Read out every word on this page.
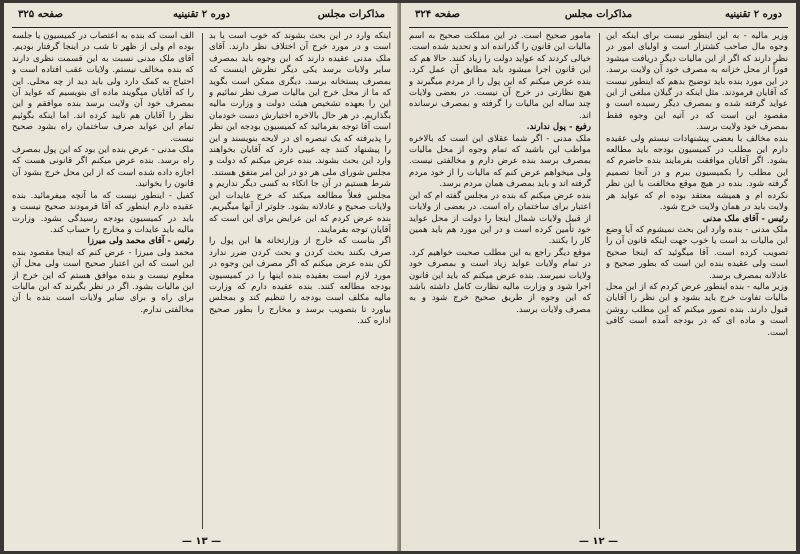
صفحه ۳۲۵	دوره ۲ تقنینیه	مذاکرات مجلس

اینکه وارد در این بحث بشوند که خوب است یا بد است و در مورد خرج آن اختلاف نظر دارند. آقای ملک مدنی عقیده دارند که این وجوه باید بمصرف سایر ولایات برسد یکی دیگر نظرش اینست که بمصرف پستخانه برسد. دیگری ممکن است بگوید که ما از محل خرج این مالیات صرف نظر نمائیم و این را بعهده تشخیص هیئت دولت و وزارت مالیه بگذاریم. در هر حال بالاخره اختیارش دست خودمان است آقا توجه بفرمائید که کمیسیون بودجه این نظر را پذیرفته که یک تبصره ای در لایحه بنویسند و این را پیشنهاد کنند چه عیبی دارد که آقایان بخواهند وارد این بحث بشوند. بنده عرض میکنم که دولت و مجلس شورای ملی هر دو در این امر متفق هستند.

شرط هستیم در آن جا اتکاء به کسی دیگر نداریم و مجلس فعلاً مطالعه میکند که خرج عایدات این ولایات صحیح و عادلانه بشود. جلوتر از آنها میگیریم. بنده عرض کردم که این عرایض برای این است که آقایان توجه بفرمایند.

اگر بناست که خارج از وزارتخانه ها این پول را صرف بکنند بحث کردن و بحث کردن ضرر ندارد لکن بنده عرض میکنم که اگر مصرف این وجوه در مورد لازم است بعقیده بنده اینها را در کمیسیون بودجه مطالعه کنند. بنده عقیده دارم که وزارت مالیه مکلف است بودجه را تنظیم کند و بمجلس بیاورد تا بتصویب برسد و مخارج را بطور صحیح اداره کند.

الف است که بنده به اعتصاب در کمیسیون یا جلسه بوده ام ولی از ظهر تا شب در اینجا گرفتار بودیم. آقای ملک مدنی نسبت به این قسمت نظری دارند که بنده مخالف نیستم. ولایات عقب افتاده است و احتیاج به کمک دارد ولی باید دید از چه محلی. این را که آقایان میگویند ماده ای بنویسیم که عواید آن بمصرف خود آن ولایت برسد بنده موافقم و این نظر را آقایان هم تایید کرده اند. اما اینکه بگوئیم تمام این عواید صرف ساختمان راه بشود صحیح نیست.

ملک مدنی - عرض بنده این بود که این پول بمصرف راه برسد. بنده عرض میکنم اگر قانونی هست که اجازه داده شده است که از این محل خرج بشود آن قانون را بخوانید.

کفیل - اینطور نیست که ما آنچه میفرمائید. بنده عقیده دارم اینطور که آقا فرمودند صحیح نیست و باید در کمیسیون بودجه رسیدگی بشود. وزارت مالیه باید عایدات و مخارج را حساب کند.

رئیس - آقای محمد ولی میرزا

محمد ولی میرزا - عرض کنم که اینجا مقصود بنده این است که این اعتبار صحیح است ولی محل آن معلوم نیست و بنده موافق هستم که این خرج از این مالیات بشود. اگر در نظر بگیرند که این مالیات برای راه و برای سایر ولایات است بنده با آن مخالفتی ندارم.

— ۱۳ —
صفحه ۳۲۴	مذاکرات مجلس	دوره ۲ تقنینیه

وزیر مالیه - به این اینطور نیست برای اینکه این وجوه مال صاحب کشتزار است و اولیای امور در نظر دارند که اگر از این مالیات دیگر دریافت میشود فوراً از محل خزانه به مصرف خود آن ولایت برسد. در این مورد بنده باید توضیح بدهم که اینطور نیست که آقایان فرمودند. مثل اینکه در گیلان مبلغی از این عواید گرفته شده و بمصرف دیگر رسیده است و مقصود این است که در آتیه این وجوه فقط بمصرف خود ولایت برسد.

بنده مخالف با بعضی پیشنهادات نیستم ولی عقیده دارم این مطلب در کمیسیون بودجه باید مطالعه بشود. اگر آقایان موافقت بفرمایند بنده حاضرم که این مطلب را بکمیسیون ببرم و در آنجا تصمیم گرفته شود. بنده در هیچ موقع مخالفت با این نظر نکرده ام و همیشه معتقد بوده ام که عواید هر ولایت باید در همان ولایت خرج شود.

رئیس - آقای ملک مدنی

ملک مدنی - بنده وارد این بحث نمیشوم که آیا وضع این مالیات بد است یا خوب جهت اینکه قانون آن را تصویب کرده است. آقا میگوئید که اینجا صحیح است ولی عقیده بنده این است که بطور صحیح و عادلانه بمصرف برسد.

وزیر مالیه - بنده اینطور عرض کردم که از این محل مالیات تفاوت خرج باید بشود و این نظر را آقایان قبول دارند. بنده تصور میکنم که این مطلب روشن است و ماده ای که در بودجه آمده است کافی است.

مأمور صحیح است. در این مملکت صحیح به اسم مالیات این قانون را گذرانده اند و تحدید شده است. خیالی کردند که عواید دولت را زیاد کنند. حالا هم که این قانون اجرا میشود باید مطابق آن عمل کرد. بنده عرض میکنم که این پول را از مردم میگیرند و هیچ نظارتی در خرج آن نیست. در بعضی ولایات چند ساله این مالیات را گرفته و بمصرف نرسانده اند.

رفیع - پول ندارند.

ملک مدنی - اگر شما عقلای این است که بالاخره مواظب این باشید که تمام وجوه از محل مالیات بمصرف برسد بنده عرض دارم و مخالفتی نیست. ولی میخواهم عرض کنم که مالیات را از خود مردم گرفته اند و باید بمصرف همان مردم برسد.

بنده عرض میکنم که بنده در مجلس گفته ام که این اعتبار برای ساختمان راه است. در بعضی از ولایات از قبیل ولایات شمال اینجا را دولت از محل عواید خود تأمین کرده است و در این مورد هم باید همین کار را بکنند.

موقع دیگر راجع به این مطلب صحبت خواهیم کرد. در تمام ولایات عواید زیاد است و بمصرف خود ولایات نمیرسد. بنده عرض میکنم که باید این قانون اجرا شود و وزارت مالیه نظارت کامل داشته باشد که این وجوه از طریق صحیح خرج شود و به مصرف ولایات برسد.

— ۱۲ —
